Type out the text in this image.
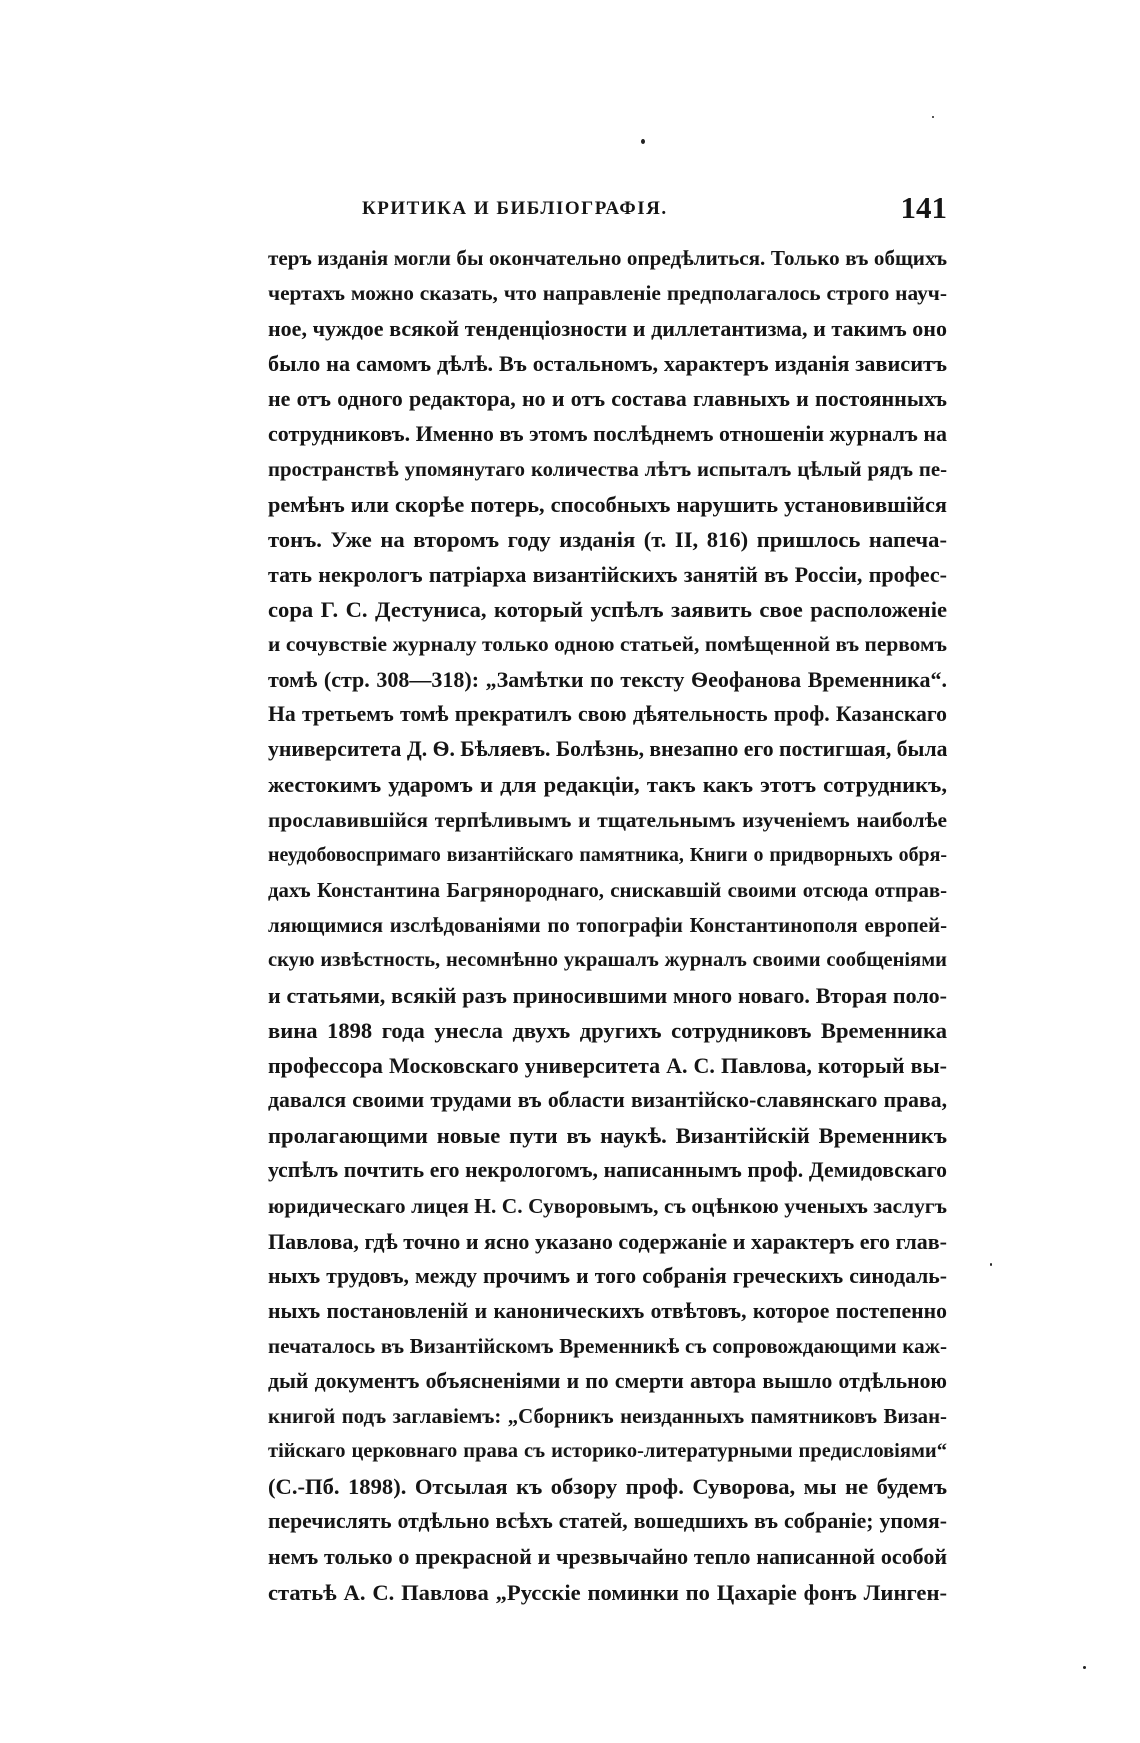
КРИТИКА И БИБЛІОГРАФІЯ.	141
теръ изданія могли бы окончательно опредѣлиться. Только въ общихъ
чертахъ можно сказать, что направленіе предполагалось строго науч-
ное, чуждое всякой тенденціозности и диллетантизма, и такимъ оно
было на самомъ дѣлѣ. Въ остальномъ, характеръ изданія зависитъ
не отъ одного редактора, но и отъ состава главныхъ и постоянныхъ
сотрудниковъ. Именно въ этомъ послѣднемъ отношеніи журналъ на
пространствѣ упомянутаго количества лѣтъ испыталъ цѣлый рядъ пе-
ремѣнъ или скорѣе потерь, способныхъ нарушить установившійся
тонъ. Уже на второмъ году изданія (т. II, 816) пришлось напеча-
тать некрологъ патріарха византійскихъ занятій въ Россіи, профес-
сора Г. С. Дестуниса, который успѣлъ заявить свое расположеніе
и сочувствіе журналу только одною статьей, помѣщенной въ первомъ
томѣ (стр. 308—318): „Замѣтки по тексту Ѳеофанова Временника“.
На третьемъ томѣ прекратилъ свою дѣятельность проф. Казанскаго
университета Д. Ѳ. Бѣляевъ. Болѣзнь, внезапно его постигшая, была
жестокимъ ударомъ и для редакціи, такъ какъ этотъ сотрудникъ,
прославившійся терпѣливымъ и тщательнымъ изученіемъ наиболѣе
неудобовоспримаго византійскаго памятника, Книги о придворныхъ обря-
дахъ Константина Багрянороднаго, снискавшій своими отсюда отправ-
ляющимися изслѣдованіями по топографіи Константинополя европей-
скую извѣстность, несомнѣнно украшалъ журналъ своими сообщеніями
и статьями, всякій разъ приносившими много новаго. Вторая поло-
вина 1898 года унесла двухъ другихъ сотрудниковъ Временника
профессора Московскаго университета А. С. Павлова, который вы-
давался своими трудами въ области византійско-славянскаго права,
пролагающими новые пути въ наукѣ. Византійскій Временникъ
успѣлъ почтить его некрологомъ, написаннымъ проф. Демидовскаго
юридическаго лицея Н. С. Суворовымъ, съ оцѣнкою ученыхъ заслугъ
Павлова, гдѣ точно и ясно указано содержаніе и характеръ его глав-
ныхъ трудовъ, между прочимъ и того собранія греческихъ синодаль-
ныхъ постановленій и каноническихъ отвѣтовъ, которое постепенно
печаталось въ Византійскомъ Временникѣ съ сопровождающими каж-
дый документъ объясненіями и по смерти автора вышло отдѣльною
книгой подъ заглавіемъ: „Сборникъ неизданныхъ памятниковъ Визан-
тійскаго церковнаго права съ историко-литературными предисловіями“
(С.-Пб. 1898). Отсылая къ обзору проф. Суворова, мы не будемъ
перечислять отдѣльно всѣхъ статей, вошедшихъ въ собраніе; упомя-
немъ только о прекрасной и чрезвычайно тепло написанной особой
статьѣ А. С. Павлова „Русскіе поминки по Цахаріе фонъ Линген-
